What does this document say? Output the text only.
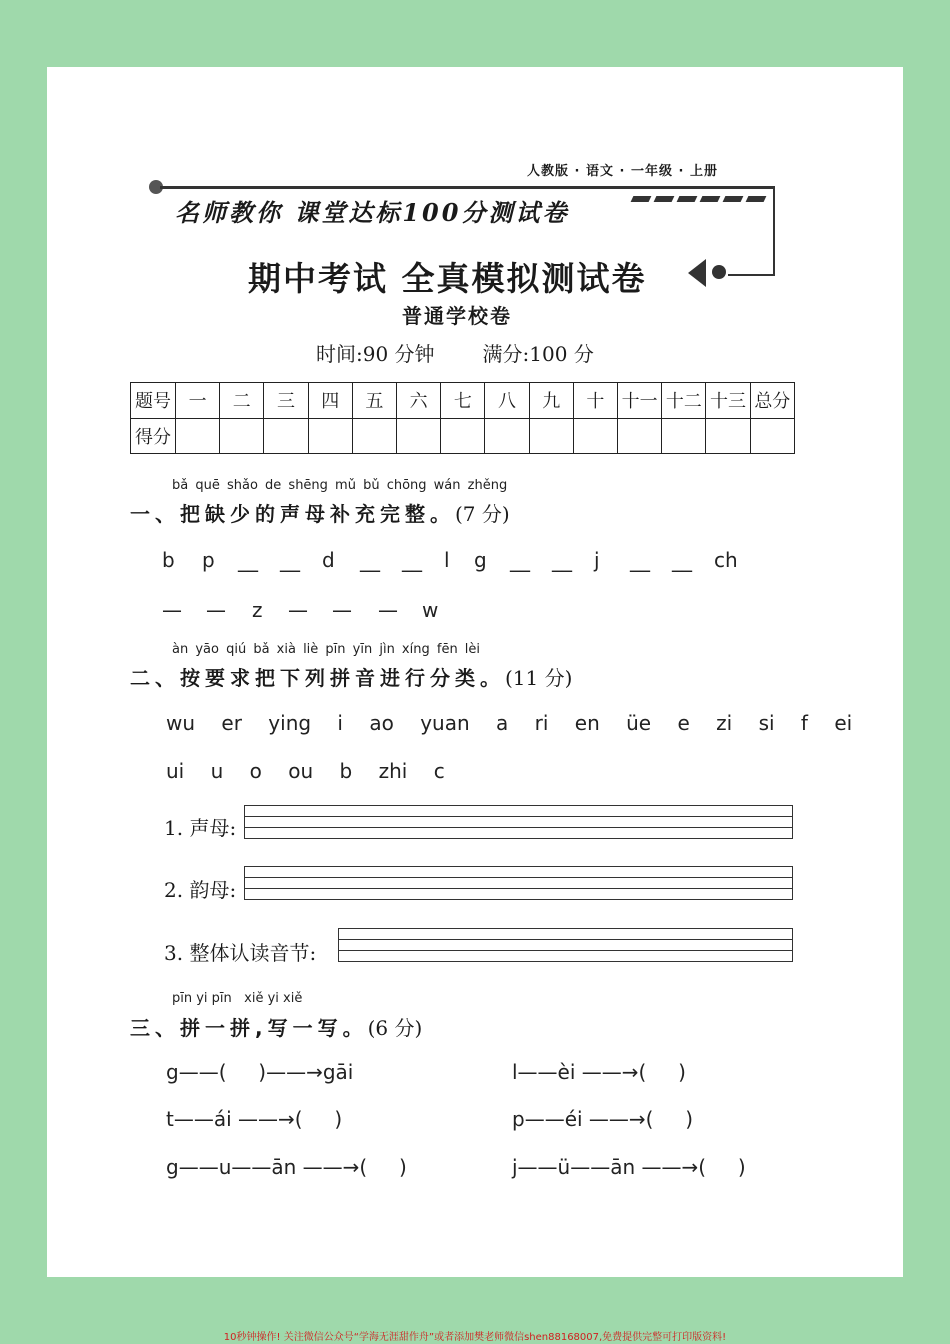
人教版 · 语文 · 一年级 · 上册
名师教你 课堂达标100分测试卷
期中考试 全真模拟测试卷
普通学校卷
时间:90 分钟 满分:100 分
题号	一	二	三	四	五	六	七	八	九	十	十一	十二	十三	总分
得分														
bǎ quē shǎo de shēng mǔ bǔ chōng wán zhěng
一、把缺少的声母补充完整。(7 分)
b	p	__	__	d	__	__	l	g	__	__	j	__	__	ch
—	—	z	—	—	—	w
àn yāo qiú bǎ xià liè pīn yīn jìn xíng fēn lèi
二、按要求把下列拼音进行分类。(11 分)
wu er ying i ao yuan a ri en üe e zi si f ei
ui u o ou b zhi c
1. 声母:
2. 韵母:
3. 整体认读音节:
pīn yi pīn   xiě yi xiě
三、拼一拼,写一写。(6 分)
g——(     )——→gāi	l——èi ——→(     )
t——ái ——→(     )	p——éi ——→(     )
g——u——ān ——→(     )	j——ü——ān ——→(     )
10秒钟操作! 关注微信公众号“学海无涯甜作舟”或者添加樊老师微信shen88168007,免费提供完整可打印版资料!
